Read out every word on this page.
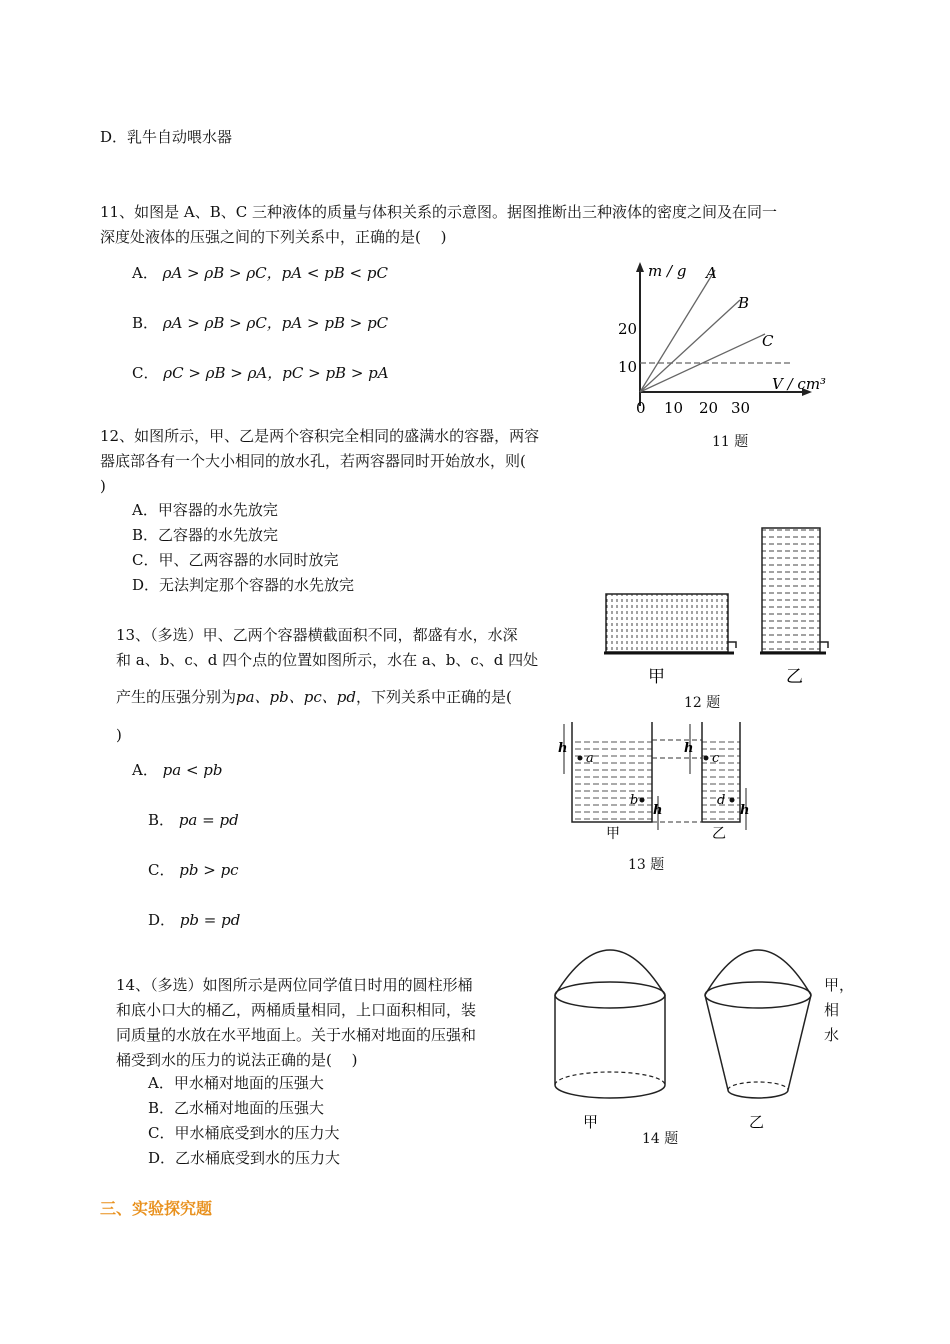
D．乳牛自动喂水器
11、如图是 A、B、C 三种液体的质量与体积关系的示意图。据图推断出三种液体的密度之间及在同一
深度处液体的压强之间的下列关系中，正确的是(　 )
A． ρA > ρB > ρC，pA < pB < pC
B． ρA > ρB > ρC，pA > pB > pC
C． ρC > ρB > ρA，pC > pB > pA
m / g
V / cm³
A
B
C
20
10
0 10 20 30
11 题
12、如图所示，甲、乙是两个容积完全相同的盛满水的容器，两容
器底部各有一个大小相同的放水孔，若两容器同时开始放水，则(
)
A．甲容器的水先放完
B．乙容器的水先放完
C．甲、乙两容器的水同时放完
D．无法判定那个容器的水先放完
甲	乙
12 题
13、（多选）甲、乙两个容器横截面积不同，都盛有水，水深
和 a、b、c、d 四个点的位置如图所示，水在 a、b、c、d 四处
产生的压强分别为pa、pb、pc、pd，下列关系中正确的是(
)
A． pa < pb
B． pa = pd
C． pb > pc
D． pb = pd
h
h
h
h
a
b
c
d
甲	乙
13 题
14、（多选）如图所示是两位同学值日时用的圆柱形桶
和底小口大的桶乙，两桶质量相同，上口面积相同，装
同质量的水放在水平地面上。关于水桶对地面的压强和
桶受到水的压力的说法正确的是(　 )
甲，
相
水
A．甲水桶对地面的压强大
B．乙水桶对地面的压强大
C．甲水桶底受到水的压力大
D．乙水桶底受到水的压力大
甲	乙
14 题
三、实验探究题
